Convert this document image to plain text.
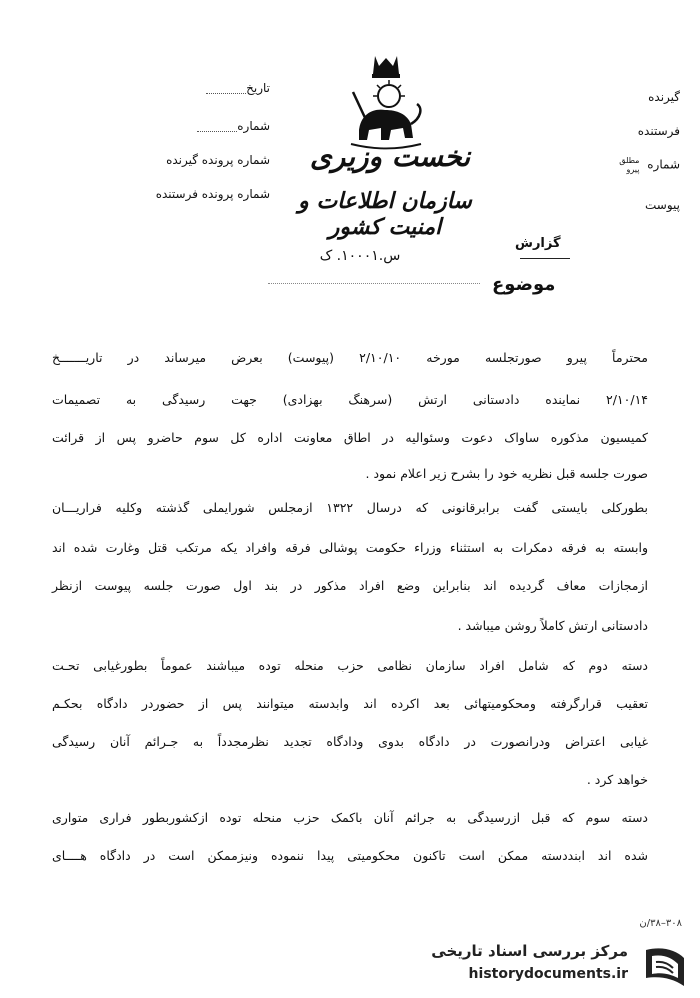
تاریخ
شماره
شماره پرونده گیرنده
شماره پرونده فرستنده
گیرنده
فرستنده
شماره
مطلق
پیرو
پیوست
نخست وزیری
سازمان اطلاعات و امنیت کشور
س.۱۰۰۰۱. ک
گزارش
موضوع
محترماً پیرو صورتجلسه مورخه ۲/۱۰/۱۰ (پیوست) بعرض میرساند در تاریـــــــخ
۲/۱۰/۱۴ نماینده دادستانی ارتش (سرهنگ بهزادی) جهت رسیدگی به تصمیمات
کمیسیون مذکوره ساواک دعوت وسئوالیه در اطاق معاونت اداره کل سوم حاضرو پس از قرائت
صورت جلسه قبل نظریه خود را بشرح زیر اعلام نمود .
بطورکلی بایستی گفت برابرقانونی که درسال ۱۳۲۲ ازمجلس شورایملی گذشته وکلیه فراریـــان
وابسته به فرقه دمکرات به استثناء وزراء حکومت پوشالی فرقه وافراد یکه مرتکب قتل وغارت شده اند
ازمجازات معاف گردیده اند بنابراین وضع افراد مذکور در بند اول صورت جلسه پیوست ازنظر
دادستانی ارتش کاملاً روشن میباشد .
دسته دوم که شامل افراد سازمان نظامی حزب منحله توده میباشند عموماً بطورغیابی تحـت
تعقیب قرارگرفته ومحکومیتهائی بعد اکرده اند وابدسته میتوانند پس از حضوردر دادگاه بحکـم
غیابی اعتراض ودرانصورت در دادگاه بدوی ودادگاه تجدید نظرمجدداً به جـرائم آنان رسیدگی
خواهد کرد .
دسته سوم که قبل ازرسیدگی به جرائم آنان باکمک حزب منحله توده ازکشوربطور فراری متواری
شده اند ابنددسته ممکن است تاکنون محکومیتی پیدا ننموده ونیزممکن است در دادگاه هــــای
۳۰۸–۳۸/ن
مرکز بررسی اسناد تاریخی
historydocuments.ir
